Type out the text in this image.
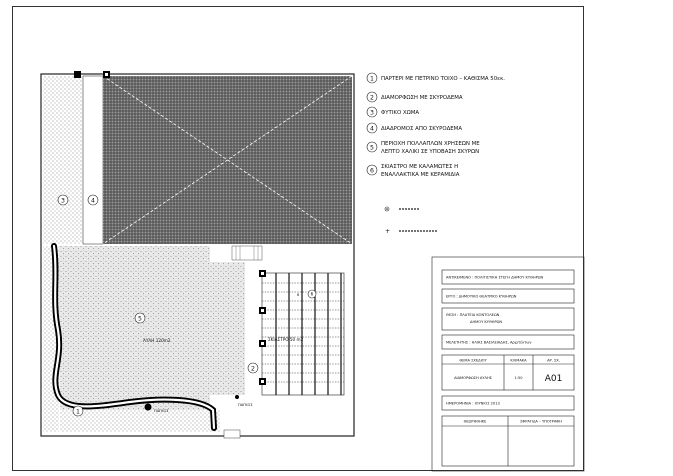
3	4
5
1
2
6
ΑΥΛΗ 120m2	ΣΚΙΑΣΤΡΟ 50 m2
6
ΠΑΓΚΟΣ
ΠΑΓΚΟΣ
1
2
3
4
5
6
ΠΑΡΤΕΡΙ ΜΕ ΠΕΤΡΙΝΟ ΤΟΙΧΟ – ΚΑΘΙΣΜΑ 50εκ.
ΔΙΑΜΟΡΦΩΣΗ ΜΕ ΣΚΥΡΟΔΕΜΑ
ΦΥΤΙΚΟ ΧΩΜΑ
ΔΙΑΔΡΟΜΟΣ ΑΠΟ ΣΚΥΡΟΔΕΜΑ
ΠΕΡΙΟΧΗ ΠΟΛΛΑΠΛΩΝ ΧΡΗΣΕΩΝ ΜΕ
ΛΕΠΤΟ ΧΑΛΙΚΙ ΣΕ ΥΠΟΒΑΣΗ ΣΚΥΡΩΝ
ΣΚΙΑΣΤΡΟ ΜΕ ΚΑΛΑΜΩΤΕΣ Η
ΕΝΑΛΛΑΚΤΙΚΑ ΜΕ ΚΕΡΑΜΙΔΙΑ
+
ΑΝΤΙΚΕΙΜΕΝΟ : ΠΟΛΙΤΙΣΤΙΚΗ ΣΤΕΓΗ ΔΗΜΟΥ ΚΥΘΗΡΩΝ
ΕΡΓΟ : ΔΗΜΟΤΙΚΟ ΘΕΑΤΡΙΚΟ ΚΥΘΗΡΩΝ
ΘΕΣΗ : ΠΛΑΤΕΙΑ ΚΟΝΤΟΛΕΩΝ
ΔΗΜΟΥ ΚΥΘΗΡΩΝ
ΜΕΛΕΤΗΤΗΣ : ΗΛΙΑΣ ΒΑΣΙΛΕΙΑΔΗΣ, Αρχιτέκτων
ΘΕΜΑ ΣΧΕΔΙΟΥ	ΚΛΙΜΑΚΑ	ΑΡ. ΣΧ.
ΔΙΑΜΟΡΦΩΣΗ ΑΥΛΗΣ	1:50 Α01
ΗΜΕΡΟΜΗΝΙΑ : ΙΟΥΝΙΟΣ 2013
ΘΕΩΡΗΘΗΚΕ	ΣΦΡΑΓΙΔΑ – ΥΠΟΓΡΑΦΗ
